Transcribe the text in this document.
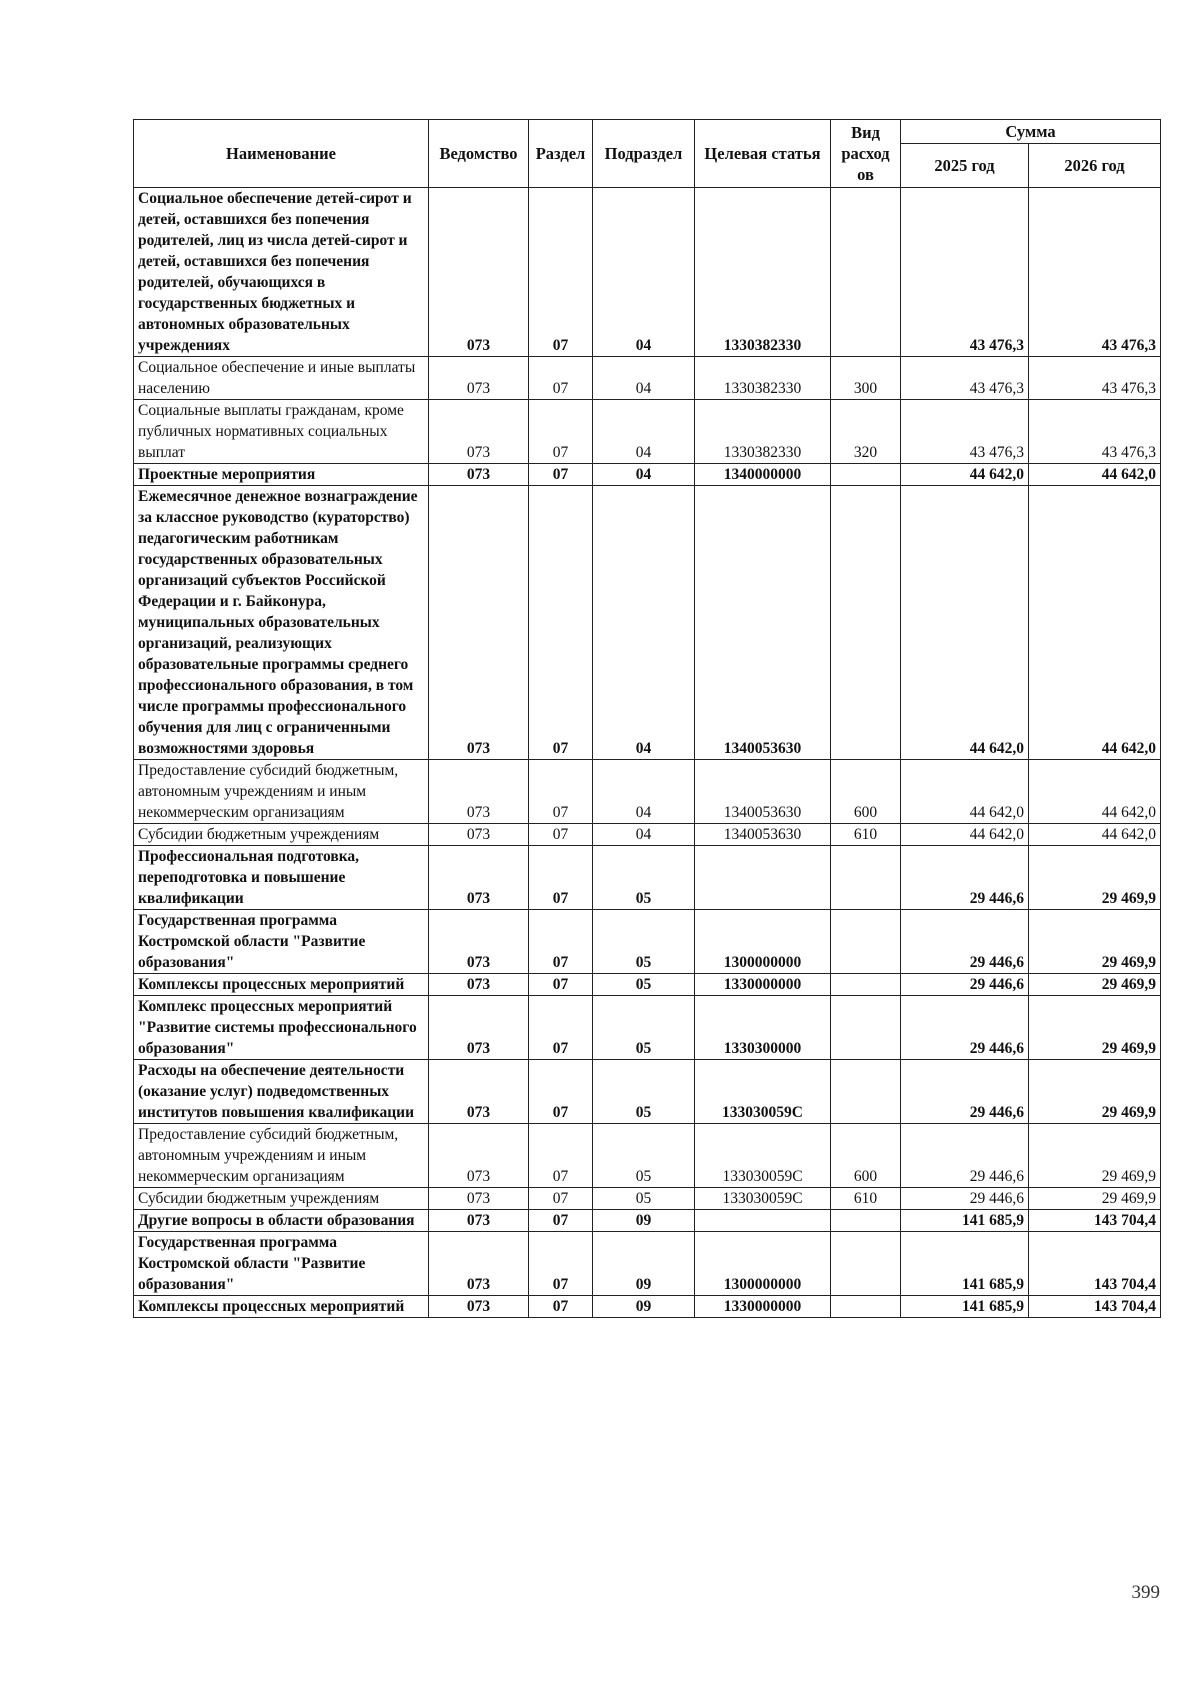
Наименование	Ведомство	Раздел	Подраздел	Целевая статья	Вид расход ов	Сумма	
						2025 год	2026 год
Социальное обеспечение детей-сирот и детей, оставшихся без попечения родителей, лиц из числа детей-сирот и детей, оставшихся без попечения родителей, обучающихся в государственных бюджетных и автономных образовательных учреждениях	073	07	04	1330382330		43 476,3	43 476,3
Социальное обеспечение и иные выплаты населению	073	07	04	1330382330	300	43 476,3	43 476,3
Социальные выплаты гражданам, кроме публичных нормативных социальных выплат	073	07	04	1330382330	320	43 476,3	43 476,3
Проектные мероприятия	073	07	04	1340000000		44 642,0	44 642,0
Ежемесячное денежное вознаграждение за классное руководство (кураторство) педагогическим работникам государственных образовательных организаций субъектов Российской Федерации и г. Байконура, муниципальных образовательных организаций, реализующих образовательные программы среднего профессионального образования, в том числе программы профессионального обучения для лиц с ограниченными возможностями здоровья	073	07	04	1340053630		44 642,0	44 642,0
Предоставление субсидий бюджетным, автономным учреждениям и иным некоммерческим организациям	073	07	04	1340053630	600	44 642,0	44 642,0
Субсидии бюджетным учреждениям	073	07	04	1340053630	610	44 642,0	44 642,0
Профессиональная подготовка, переподготовка и повышение квалификации	073	07	05			29 446,6	29 469,9
Государственная программа Костромской области "Развитие образования"	073	07	05	1300000000		29 446,6	29 469,9
Комплексы процессных мероприятий	073	07	05	1330000000		29 446,6	29 469,9
Комплекс процессных мероприятий "Развитие системы профессионального образования"	073	07	05	1330300000		29 446,6	29 469,9
Расходы на обеспечение деятельности (оказание услуг) подведомственных институтов повышения квалификации	073	07	05	133030059С		29 446,6	29 469,9
Предоставление субсидий бюджетным, автономным учреждениям и иным некоммерческим организациям	073	07	05	133030059С	600	29 446,6	29 469,9
Субсидии бюджетным учреждениям	073	07	05	133030059С	610	29 446,6	29 469,9
Другие вопросы в области образования	073	07	09			141 685,9	143 704,4
Государственная программа Костромской области "Развитие образования"	073	07	09	1300000000		141 685,9	143 704,4
Комплексы процессных мероприятий	073	07	09	1330000000		141 685,9	143 704,4
399
